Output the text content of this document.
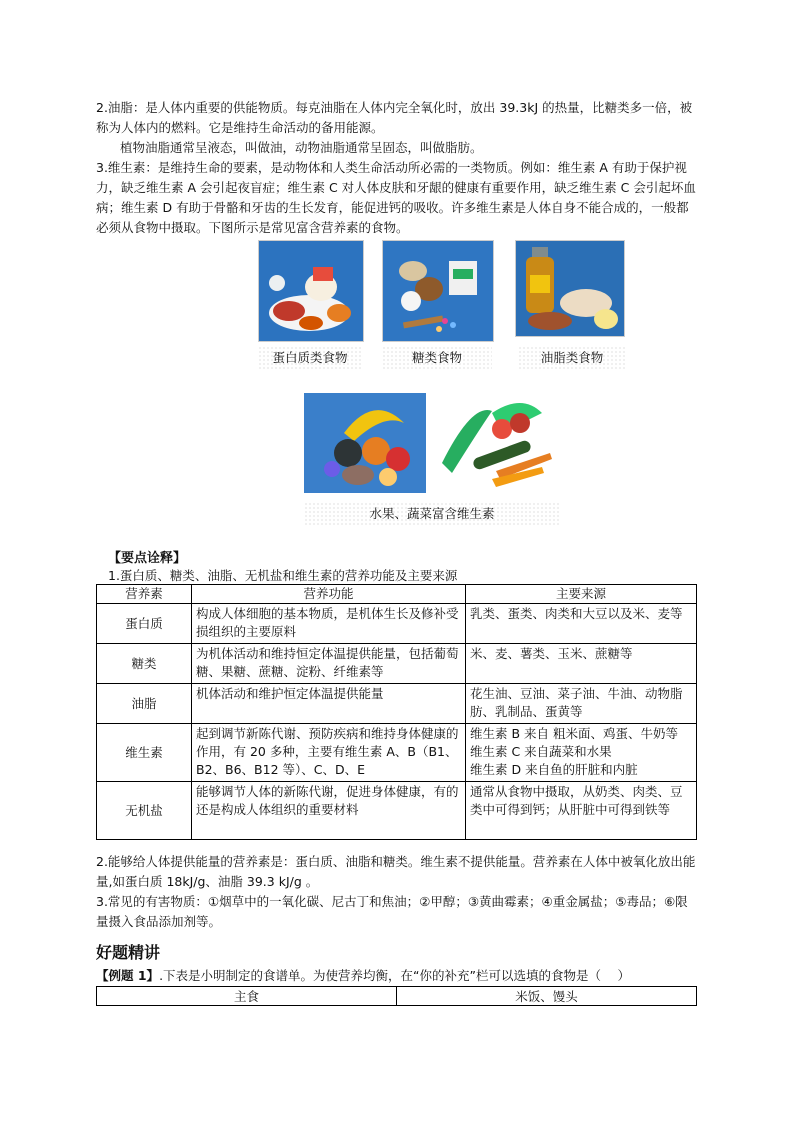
2.油脂：是人体内重要的供能物质。每克油脂在人体内完全氧化时，放出 39.3kJ 的热量，比糖类多一倍，被称为人体内的燃料。它是维持生命活动的备用能源。

植物油脂通常呈液态，叫做油，动物油脂通常呈固态，叫做脂肪。

3.维生素：是维持生命的要素，是动物体和人类生命活动所必需的一类物质。例如：维生素 A 有助于保护视力，缺乏维生素 A 会引起夜盲症；维生素 C 对人体皮肤和牙龈的健康有重要作用，缺乏维生素 C 会引起坏血病；维生素 D 有助于骨骼和牙齿的生长发育，能促进钙的吸收。许多维生素是人体自身不能合成的，一般都必须从食物中摄取。下图所示是常见富含营养素的食物。

蛋白质类食物	糖类食物	油脂类食物
水果、蔬菜富含维生素
【要点诠释】
1.蛋白质、糖类、油脂、无机盐和维生素的营养功能及主要来源
营养素	营养功能	主要来源
蛋白质	构成人体细胞的基本物质，是机体生长及修补受损组织的主要原料	乳类、蛋类、肉类和大豆以及米、麦等
糖类	为机体活动和维持恒定体温提供能量，包括葡萄糖、果糖、蔗糖、淀粉、纤维素等	米、麦、薯类、玉米、蔗糖等
油脂	机体活动和维护恒定体温提供能量	花生油、豆油、菜子油、牛油、动物脂肪、乳制品、蛋黄等
维生素	起到调节新陈代谢、预防疾病和维持身体健康的作用，有 20 多种，主要有维生素 A、B（B1、B2、B6、B12 等）、C、D、E	维生素 B 来自 粗米面、鸡蛋、牛奶等
维生素 C 来自蔬菜和水果
维生素 D 来自鱼的肝脏和内脏

无机盐	能够调节人体的新陈代谢，促进身体健康，有的还是构成人体组织的重要材料	通常从食物中摄取，从奶类、肉类、豆类中可得到钙；从肝脏中可得到铁等

2.能够给人体提供能量的营养素是：蛋白质、油脂和糖类。维生素不提供能量。营养素在人体中被氧化放出能量,如蛋白质 18kJ/g、油脂 39.3 kJ/g 。

3.常见的有害物质：①烟草中的一氧化碳、尼古丁和焦油；②甲醇；③黄曲霉素；④重金属盐；⑤毒品；⑥限量摄入食品添加剂等。

好题精讲
【例题 1】.下表是小明制定的食谱单。为使营养均衡，在“你的补充”栏可以选填的食物是（　 ）
主食	米饭、馒头
